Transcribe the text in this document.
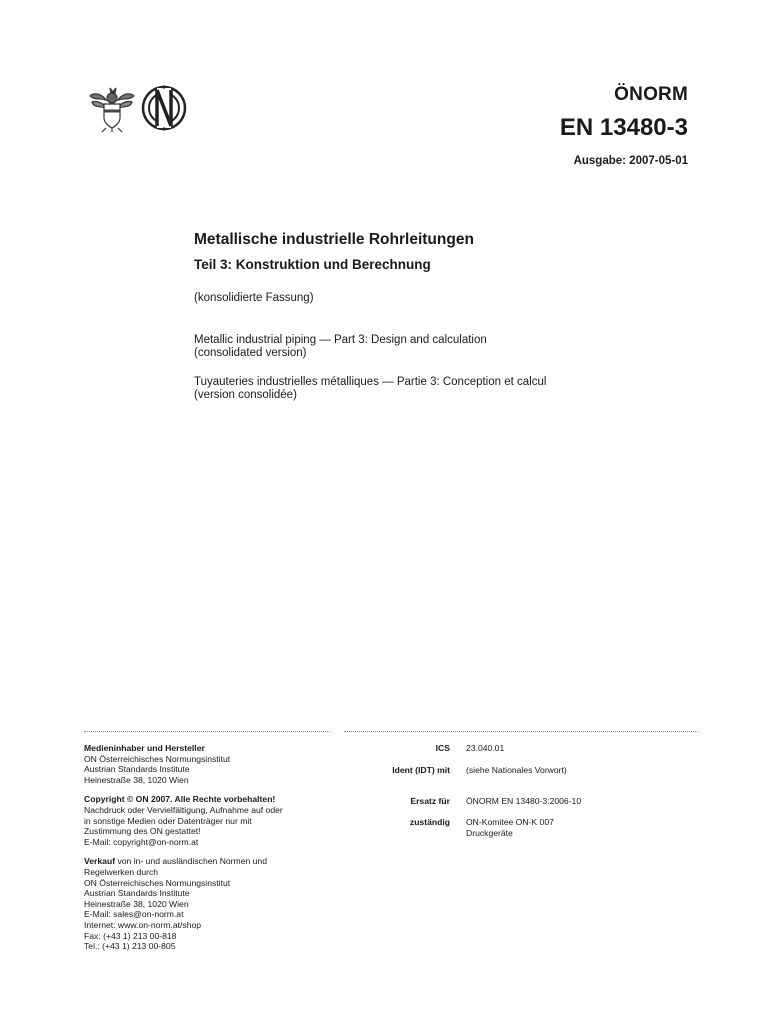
ÖNORM
EN 13480-3
Ausgabe: 2007-05-01
Metallische industrielle Rohrleitungen
Teil 3: Konstruktion und Berechnung
(konsolidierte Fassung)
Metallic industrial piping — Part 3: Design and calculation
(consolidated version)
Tuyauteries industrielles métalliques — Partie 3: Conception et calcul
(version consolidée)
Medieninhaber und Hersteller
ON Österreichisches Normungsinstitut
Austrian Standards Institute
Heinestraße 38, 1020 Wien
Copyright © ON 2007. Alle Rechte vorbehalten!
Nachdruck oder Vervielfältigung, Aufnahme auf oder
in sonstige Medien oder Datenträger nur mit
Zustimmung des ON gestattet!
E-Mail: copyright@on-norm.at
Verkauf von in- und ausländischen Normen und
Regelwerken durch
ON Österreichisches Normungsinstitut
Austrian Standards Institute
Heinestraße 38, 1020 Wien
E-Mail: sales@on-norm.at
Internet: www.on-norm.at/shop
Fax: (+43 1) 213 00-818
Tel.: (+43 1) 213 00-805
ICS 23.040.01
Ident (IDT) mit (siehe Nationales Vorwort)
Ersatz für ÖNORM EN 13480-3:2006-10
zuständig ON-Komitee ON-K 007
Druckgeräte
